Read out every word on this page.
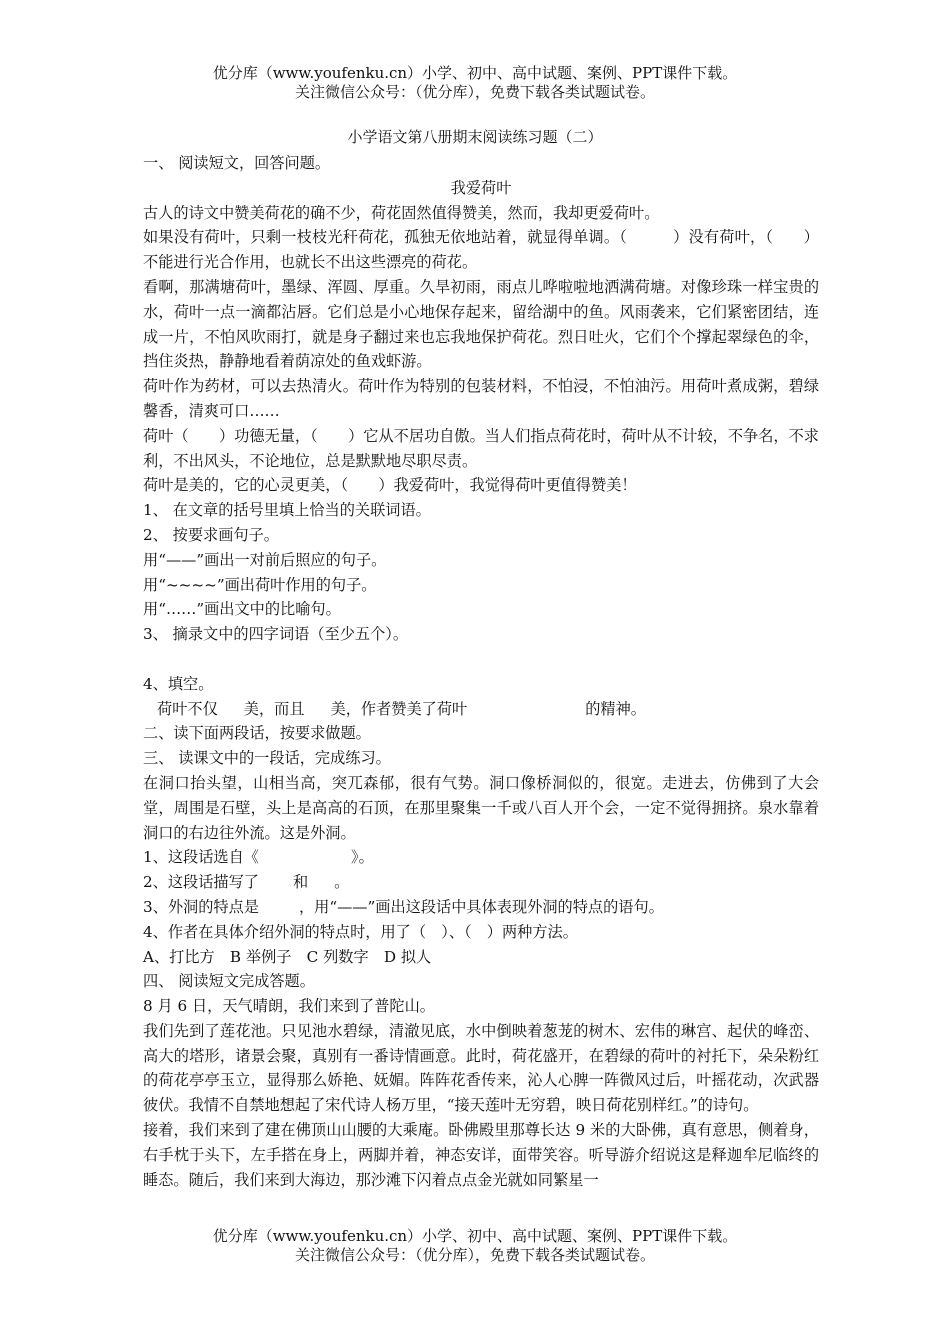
优分库（www.youfenku.cn）小学、初中、高中试题、案例、PPT课件下载。
关注微信公众号：（优分库），免费下载各类试题试卷。
小学语文第八册期末阅读练习题（二）

一、 阅读短文，回答问题。

我爱荷叶

古人的诗文中赞美荷花的确不少，荷花固然值得赞美，然而，我却更爱荷叶。

如果没有荷叶，只剩一枝枝光秆荷花，孤独无依地站着，就显得单调。（　　　）没有荷叶，（　　）不能进行光合作用，也就长不出这些漂亮的荷花。

看啊，那满塘荷叶，墨绿、浑圆、厚重。久旱初雨，雨点儿哗啦啦地洒满荷塘。对像珍珠一样宝贵的水，荷叶一点一滴都沾唇。它们总是小心地保存起来，留给湖中的鱼。风雨袭来，它们紧密团结，连成一片，不怕风吹雨打，就是身子翻过来也忘我地保护荷花。烈日吐火，它们个个撑起翠绿色的伞，挡住炎热，静静地看着荫凉处的鱼戏虾游。

荷叶作为药材，可以去热清火。荷叶作为特别的包装材料，不怕浸，不怕油污。用荷叶煮成粥，碧绿馨香，清爽可口……

荷叶（　　）功德无量，（　　）它从不居功自傲。当人们指点荷花时，荷叶从不计较，不争名，不求利，不出风头，不论地位，总是默默地尽职尽责。

荷叶是美的，它的心灵更美，（　　）我爱荷叶，我觉得荷叶更值得赞美！

1、 在文章的括号里填上恰当的关联词语。

2、 按要求画句子。

用“——”画出一对前后照应的句子。

用“~~~~”画出荷叶作用的句子。

用“……”画出文中的比喻句。

3、 摘录文中的四字词语（至少五个）。

4、填空。

荷叶不仅 美，而且 美，作者赞美了荷叶	的精神。

二、读下面两段话，按要求做题。

三、 读课文中的一段话，完成练习。

在洞口抬头望，山相当高，突兀森郁，很有气势。洞口像桥洞似的，很宽。走进去，仿佛到了大会堂，周围是石壁，头上是高高的石顶，在那里聚集一千或八百人开个会，一定不觉得拥挤。泉水靠着洞口的右边往外流。这是外洞。

1、这段话选自《	》。

2、这段话描写了 和 。

3、外洞的特点是	，用“——”画出这段话中具体表现外洞的特点的语句。

4、作者在具体介绍外洞的特点时，用了（　）、（　）两种方法。

A、打比方　B 举例子　C 列数字　D 拟人

四、 阅读短文完成答题。

8 月 6 日，天气晴朗，我们来到了普陀山。

我们先到了莲花池。只见池水碧绿，清澈见底，水中倒映着葱茏的树木、宏伟的琳宫、起伏的峰峦、高大的塔形，诸景会聚，真别有一番诗情画意。此时，荷花盛开，在碧绿的荷叶的衬托下，朵朵粉红的荷花亭亭玉立，显得那么娇艳、妩媚。阵阵花香传来，沁人心脾一阵微风过后，叶摇花动，次武器彼伏。我情不自禁地想起了宋代诗人杨万里，“接天莲叶无穷碧，映日荷花别样红。”的诗句。

接着，我们来到了建在佛顶山山腰的大乘庵。卧佛殿里那尊长达 9 米的大卧佛，真有意思，侧着身，右手枕于头下，左手搭在身上，两脚并着，神态安详，面带笑容。听导游介绍说这是释迦牟尼临终的睡态。随后，我们来到大海边，那沙滩下闪着点点金光就如同繁星一

优分库（www.youfenku.cn）小学、初中、高中试题、案例、PPT课件下载。
关注微信公众号：（优分库），免费下载各类试题试卷。
